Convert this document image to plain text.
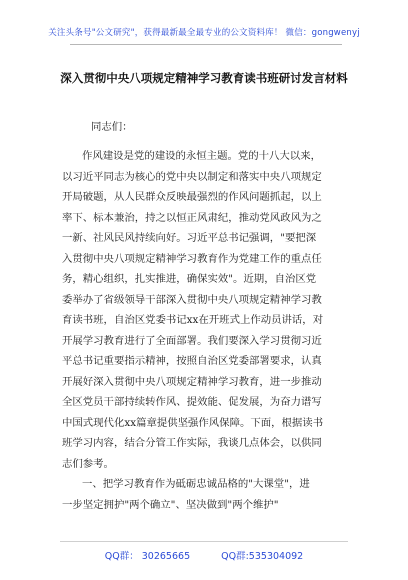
关注头条号"公文研究"，获得最新最全最专业的公文资料库！ 微信：gongwenyj
深入贯彻中央八项规定精神学习教育读书班研讨发言材料
同志们：
作风建设是党的建设的永恒主题。党的十八大以来，
以习近平同志为核心的党中央以制定和落实中央八项规定
开局破题，从人民群众反映最强烈的作风问题抓起，以上
率下、标本兼治，持之以恒正风肃纪，推动党风政风为之
一新、社风民风持续向好。习近平总书记强调，"要把深
入贯彻中央八项规定精神学习教育作为党建工作的重点任
务，精心组织，扎实推进，确保实效"。近期，自治区党
委举办了省级领导干部深入贯彻中央八项规定精神学习教
育读书班，自治区党委书记xx在开班式上作动员讲话，对
开展学习教育进行了全面部署。我们要深入学习贯彻习近
平总书记重要指示精神，按照自治区党委部署要求，认真
开展好深入贯彻中央八项规定精神学习教育，进一步推动
全区党员干部持续转作风、提效能、促发展，为奋力谱写
中国式现代化xx篇章提供坚强作风保障。下面，根据读书
班学习内容，结合分管工作实际，我谈几点体会，以供同
志们参考。
一、把学习教育作为砥砺忠诚品格的"大课堂"，进
一步坚定拥护"两个确立"、坚决做到"两个维护"
QQ群： 30265665	QQ群:535304092
